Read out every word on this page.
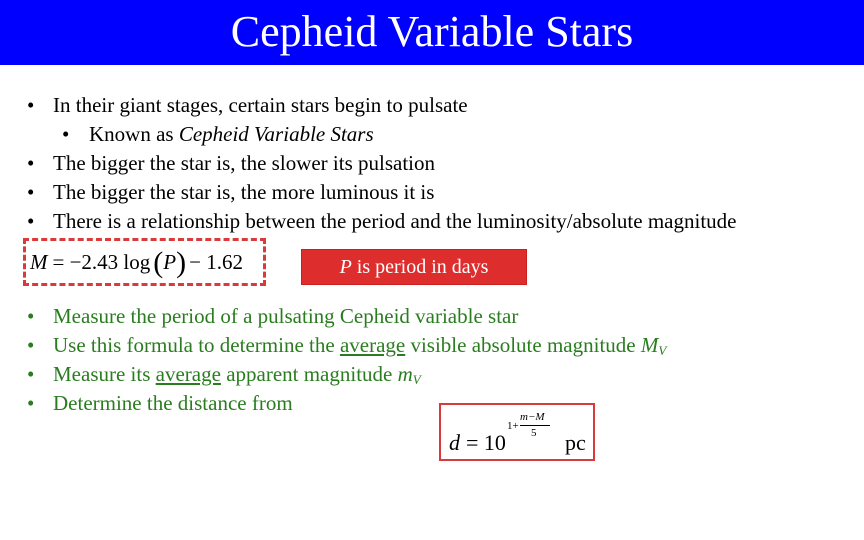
Cepheid Variable Stars
• In their giant stages, certain stars begin to pulsate
• Known as Cepheid Variable Stars
• The bigger the star is, the slower its pulsation
• The bigger the star is, the more luminous it is
• There is a relationship between the period and the luminosity/absolute magnitude
M = −2.43 log ( P ) − 1.62	P is period in days
• Measure the period of a pulsating Cepheid variable star
• Use this formula to determine the average visible absolute magnitude $M_V$
• Measure its average apparent magnitude $m_V$
• Determine the distance from
d = 10
1+
m−M
5 pc
